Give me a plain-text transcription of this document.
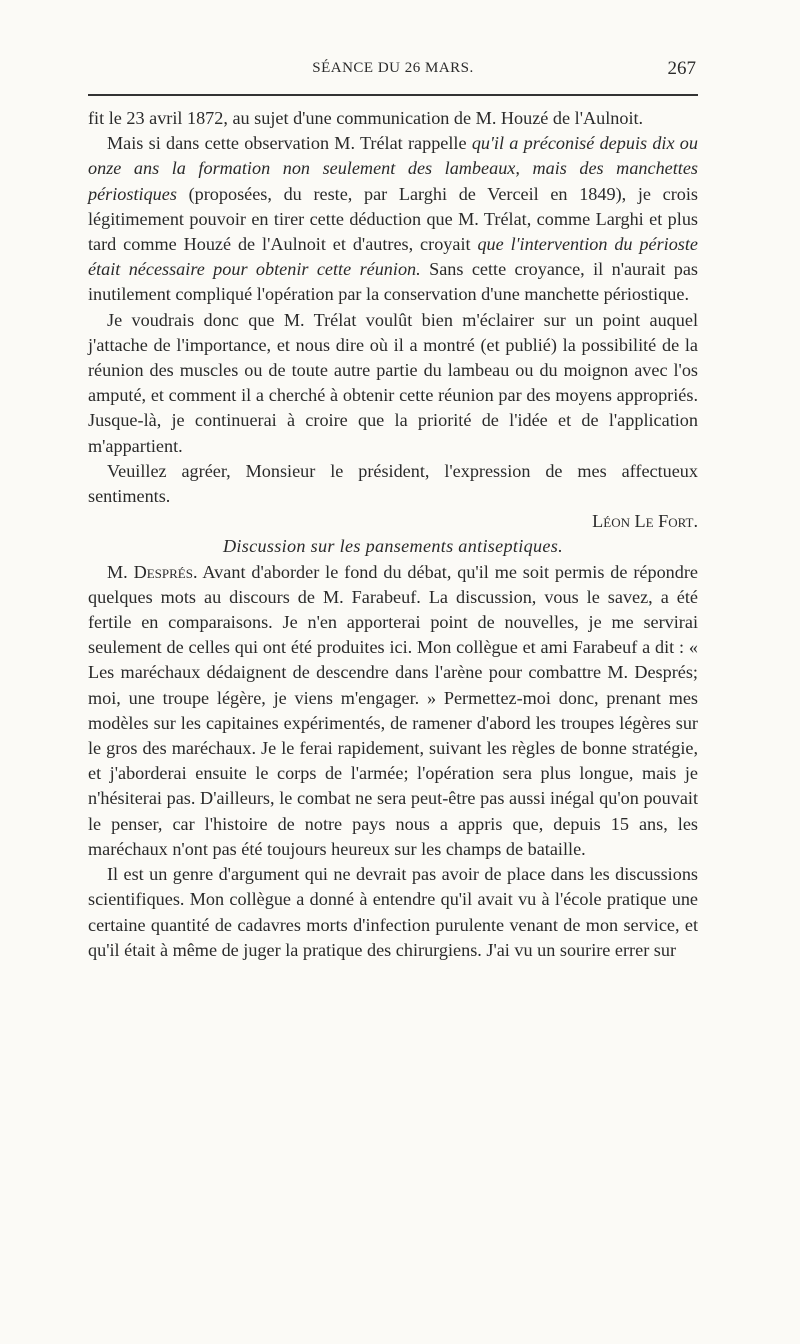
SÉANCE DU 26 MARS.	267

fit le 23 avril 1872, au sujet d'une communication de M. Houzé de l'Aulnoit.

Mais si dans cette observation M. Trélat rappelle qu'il a préconisé depuis dix ou onze ans la formation non seulement des lambeaux, mais des manchettes périostiques (proposées, du reste, par Larghi de Verceil en 1849), je crois légitimement pouvoir en tirer cette déduction que M. Trélat, comme Larghi et plus tard comme Houzé de l'Aulnoit et d'autres, croyait que l'intervention du périoste était nécessaire pour obtenir cette réunion. Sans cette croyance, il n'aurait pas inutilement compliqué l'opération par la conservation d'une manchette périostique.

Je voudrais donc que M. Trélat voulût bien m'éclairer sur un point auquel j'attache de l'importance, et nous dire où il a montré (et publié) la possibilité de la réunion des muscles ou de toute autre partie du lambeau ou du moignon avec l'os amputé, et comment il a cherché à obtenir cette réunion par des moyens appropriés. Jusque-là, je continuerai à croire que la priorité de l'idée et de l'application m'appartient.

Veuillez agréer, Monsieur le président, l'expression de mes affectueux sentiments.

Léon Le Fort.

Discussion sur les pansements antiseptiques.

M. Després. Avant d'aborder le fond du débat, qu'il me soit permis de répondre quelques mots au discours de M. Farabeuf. La discussion, vous le savez, a été fertile en comparaisons. Je n'en apporterai point de nouvelles, je me servirai seulement de celles qui ont été produites ici. Mon collègue et ami Farabeuf a dit : « Les maréchaux dédaignent de descendre dans l'arène pour combattre M. Després; moi, une troupe légère, je viens m'engager. » Permettez-moi donc, prenant mes modèles sur les capitaines expérimentés, de ramener d'abord les troupes légères sur le gros des maréchaux. Je le ferai rapidement, suivant les règles de bonne stratégie, et j'aborderai ensuite le corps de l'armée; l'opération sera plus longue, mais je n'hésiterai pas. D'ailleurs, le combat ne sera peut-être pas aussi inégal qu'on pouvait le penser, car l'histoire de notre pays nous a appris que, depuis 15 ans, les maréchaux n'ont pas été toujours heureux sur les champs de bataille.

Il est un genre d'argument qui ne devrait pas avoir de place dans les discussions scientifiques. Mon collègue a donné à entendre qu'il avait vu à l'école pratique une certaine quantité de cadavres morts d'infection purulente venant de mon service, et qu'il était à même de juger la pratique des chirurgiens. J'ai vu un sourire errer sur
